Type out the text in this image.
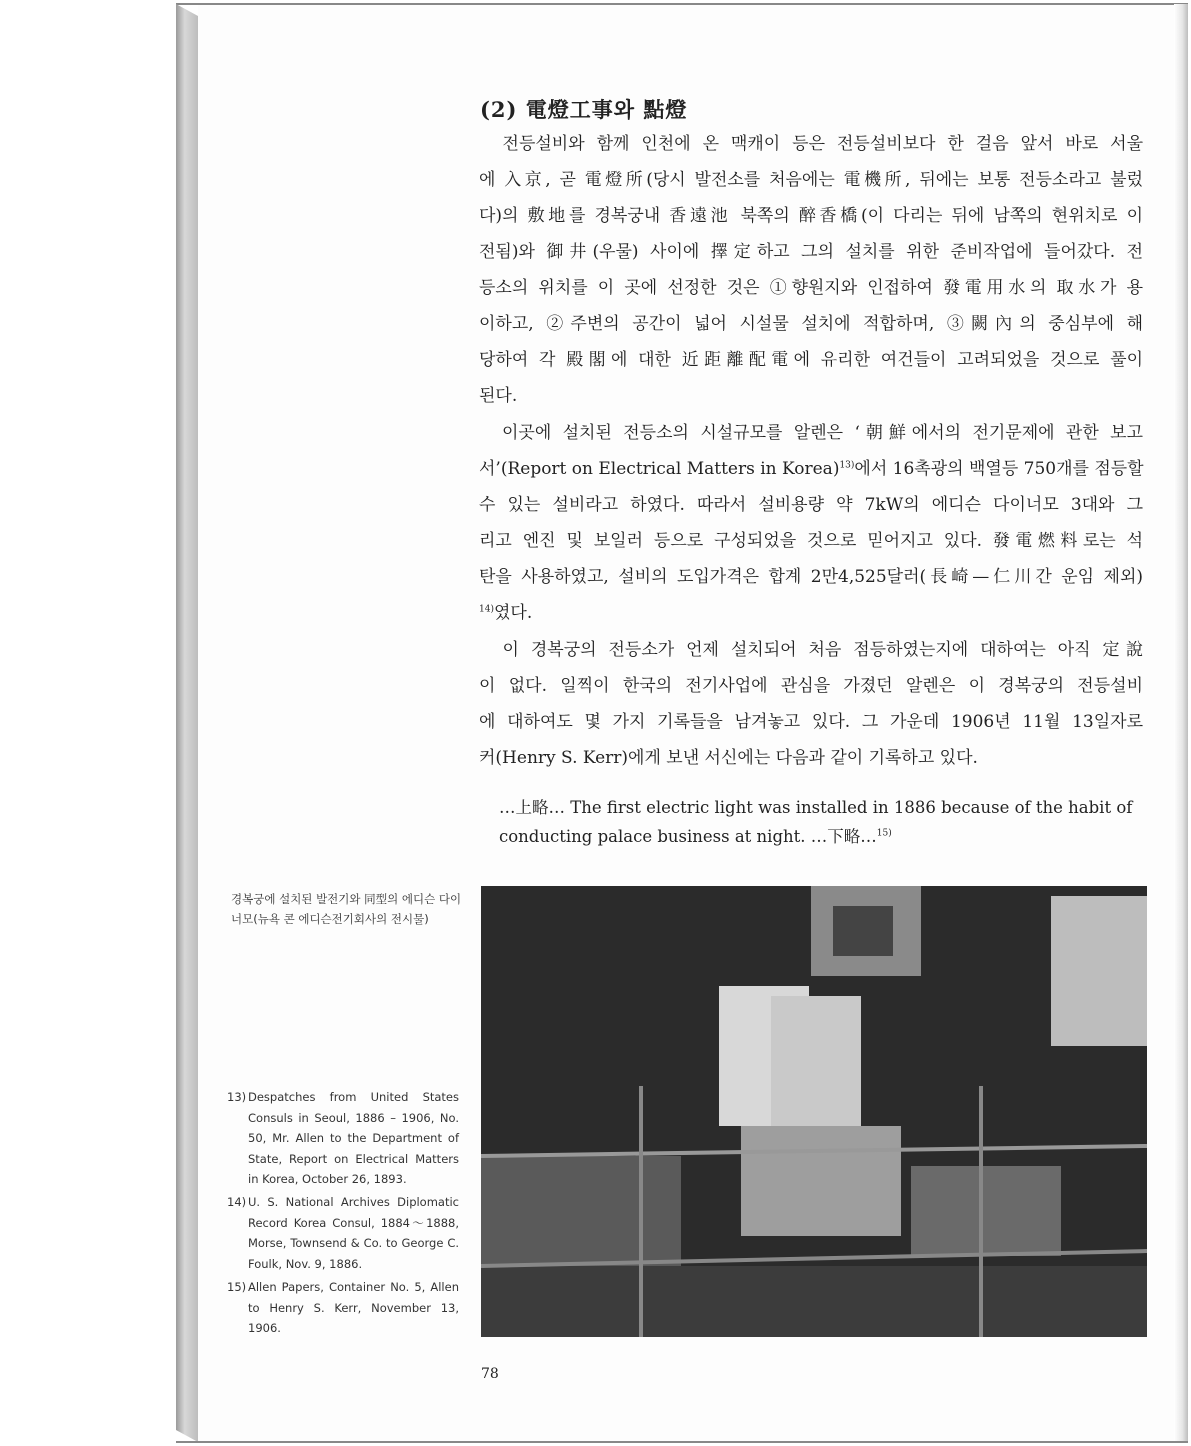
(2) 電燈工事와 點燈
　전등설비와 함께 인천에 온 맥캐이 등은 전등설비보다 한 걸음 앞서 바로 서울
에 入京, 곧 電燈所(당시 발전소를 처음에는 電機所, 뒤에는 보통 전등소라고 불렀
다)의 敷地를 경복궁내 香遠池 북쪽의 醉香橋(이 다리는 뒤에 남쪽의 현위치로 이
전됨)와 御井(우물) 사이에 擇定하고 그의 설치를 위한 준비작업에 들어갔다. 전
등소의 위치를 이 곳에 선정한 것은 ①향원지와 인접하여 發電用水의 取水가 용
이하고, ②주변의 공간이 넓어 시설물 설치에 적합하며, ③闕內의 중심부에 해
당하여 각 殿閣에 대한 近距離配電에 유리한 여건들이 고려되었을 것으로 풀이
된다.
　이곳에 설치된 전등소의 시설규모를 알렌은 ‘朝鮮에서의 전기문제에 관한 보고
서’(Report on Electrical Matters in Korea)$^{13)}$에서 16촉광의 백열등 750개를 점등할
수 있는 설비라고 하였다. 따라서 설비용량 약 7kW의 에디슨 다이너모 3대와 그
리고 엔진 및 보일러 등으로 구성되었을 것으로 믿어지고 있다. 發電燃料로는 석
탄을 사용하였고, 설비의 도입가격은 합계 2만4,525달러(長崎—仁川간 운임 제외)
$^{14)}$였다.
　이 경복궁의 전등소가 언제 설치되어 처음 점등하였는지에 대하여는 아직 定說
이 없다. 일찍이 한국의 전기사업에 관심을 가졌던 알렌은 이 경복궁의 전등설비
에 대하여도 몇 가지 기록들을 남겨놓고 있다. 그 가운데 1906년 11월 13일자로
커(Henry S. Kerr)에게 보낸 서신에는 다음과 같이 기록하고 있다.
…上略… The first electric light was installed in 1886 because of the habit of
conducting palace business at night. …下略…$^{15)}$
경복궁에 설치된 발전기와 同型의 에디슨 다이너모(뉴욕 콘 에디슨전기회사의 전시물)
13) Despatches from United States Consuls in Seoul, 1886 – 1906, No. 50, Mr. Allen to the Department of State, Report on Electrical Matters in Korea, October 26, 1893.
14) U. S. National Archives Diplomatic Record Korea Consul, 1884～1888, Morse, Townsend & Co. to George C. Foulk, Nov. 9, 1886.
15) Allen Papers, Container No. 5, Allen to Henry S. Kerr, November 13, 1906.
78
